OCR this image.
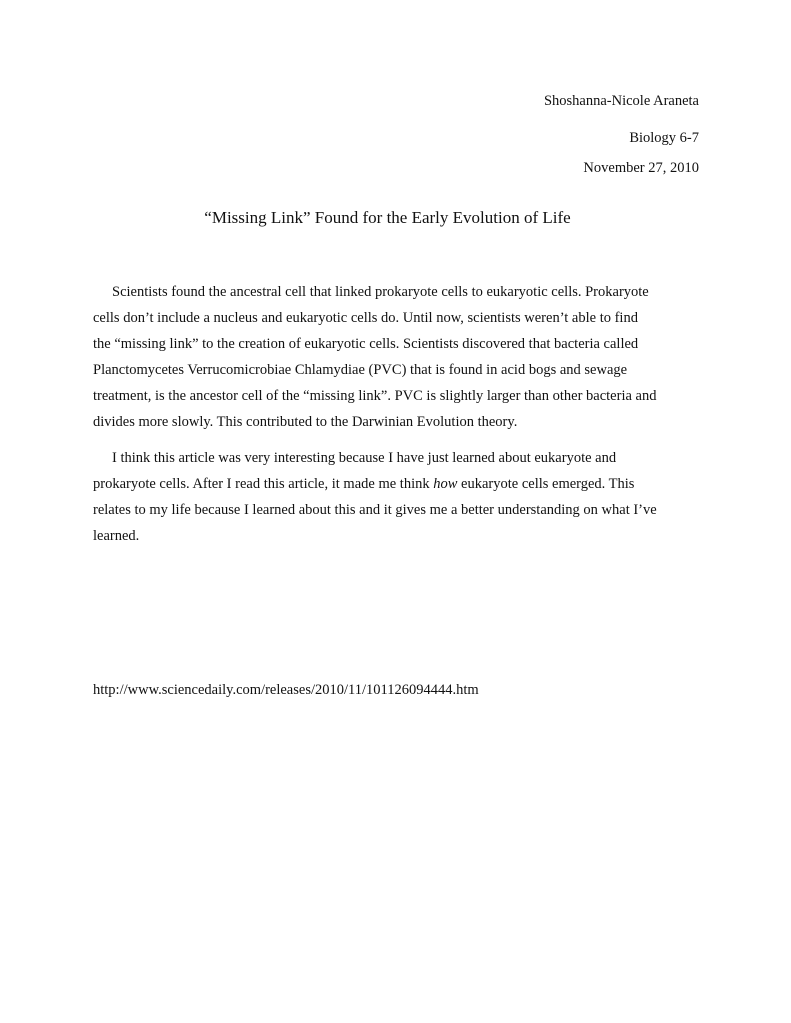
Shoshanna-Nicole Araneta
Biology 6-7
November 27, 2010
“Missing Link” Found for the Early Evolution of Life
Scientists found the ancestral cell that linked prokaryote cells to eukaryotic cells. Prokaryote
cells don’t include a nucleus and eukaryotic cells do. Until now, scientists weren’t able to find
the “missing link” to the creation of eukaryotic cells. Scientists discovered that bacteria called
Planctomycetes Verrucomicrobiae Chlamydiae (PVC) that is found in acid bogs and sewage
treatment, is the ancestor cell of the “missing link”. PVC is slightly larger than other bacteria and
divides more slowly. This contributed to the Darwinian Evolution theory.
I think this article was very interesting because I have just learned about eukaryote and
prokaryote cells. After I read this article, it made me think how eukaryote cells emerged. This
relates to my life because I learned about this and it gives me a better understanding on what I’ve
learned.
http://www.sciencedaily.com/releases/2010/11/101126094444.htm
